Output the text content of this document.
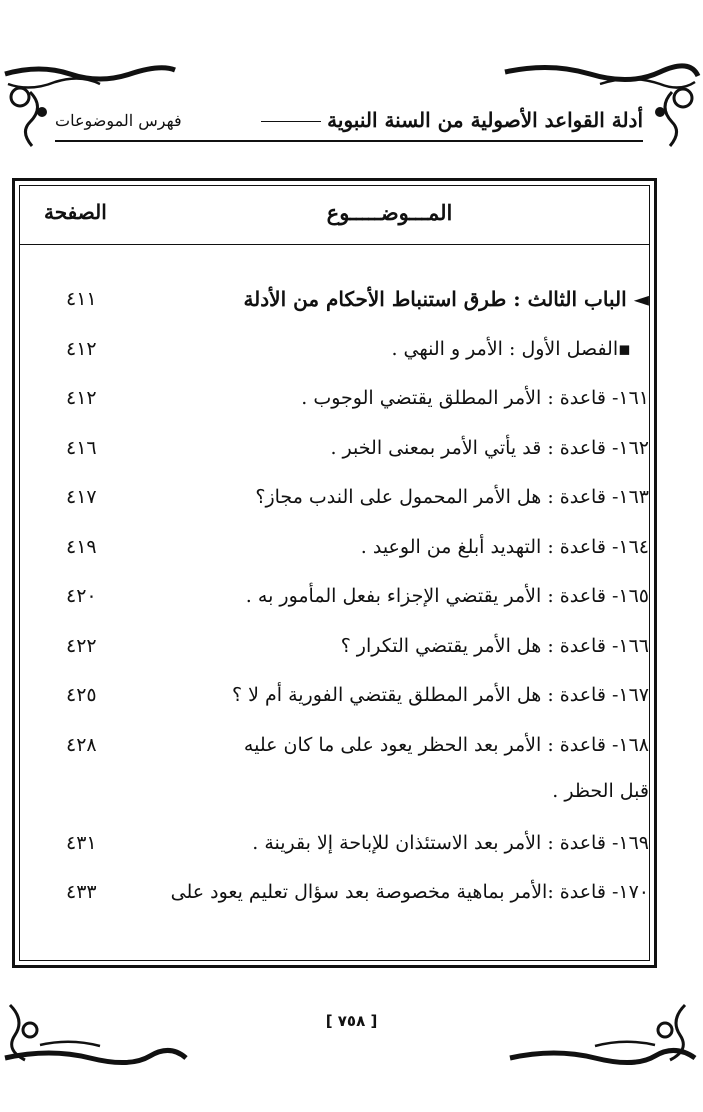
أدلة القواعد الأصولية من السنة النبوية
فهرس الموضوعات
المـــوضـــــوع
الصفحة
◄ الباب الثالث : طرق استنباط الأحكام من الأدلة
٤١١
▪الفصل الأول : الأمر و النهي .
٤١٢
١٦١- قاعدة : الأمر المطلق يقتضي الوجوب .
٤١٢
١٦٢- قاعدة : قد يأتي الأمر بمعنى الخبر .
٤١٦
١٦٣- قاعدة : هل الأمر المحمول على الندب مجاز؟
٤١٧
١٦٤- قاعدة : التهديد أبلغ من الوعيد .
٤١٩
١٦٥- قاعدة : الأمر يقتضي الإجزاء بفعل المأمور به .
٤٢٠
١٦٦- قاعدة : هل الأمر يقتضي التكرار ؟
٤٢٢
١٦٧- قاعدة : هل الأمر المطلق يقتضي الفورية أم لا ؟
٤٢٥
١٦٨- قاعدة : الأمر بعد الحظر يعود على ما كان عليه قبل الحظر .
٤٢٨
١٦٩- قاعدة : الأمر بعد الاستئذان للإباحة إلا بقرينة .
٤٣١
١٧٠- قاعدة :الأمر بماهية مخصوصة بعد سؤال تعليم يعود على
٤٣٣
[ ٧٥٨ ]
